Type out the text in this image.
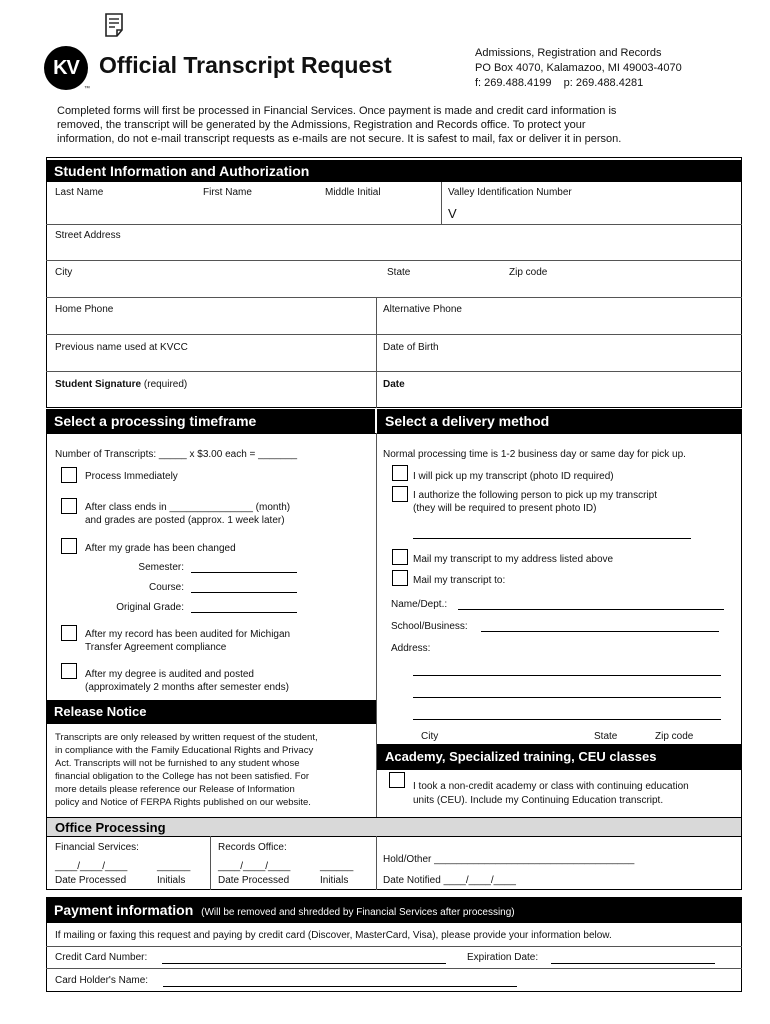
KV
™
Official Transcript Request	Admissions, Registration and Records
PO Box 4070, Kalamazoo, MI 49003-4070
f: 269.488.4199    p: 269.488.4281
Completed forms will first be processed in Financial Services. Once payment is made and credit card information is
removed, the transcript will be generated by the Admissions, Registration and Records office. To protect your
information, do not e-mail transcript requests as e-mails are not secure. It is safest to mail, fax or deliver it in person.
Student Information and Authorization
Last Name	First Name	Middle Initial	Valley Identification Number
V
Street Address
City	State	Zip code
Home Phone	Alternative Phone
Previous name used at KVCC	Date of Birth
Student Signature (required)	Date
Select a processing timeframe	Select a delivery method
Number of Transcripts: _____ x $3.00 each = _______
Process Immediately
After class ends in _______________ (month)
and grades are posted (approx. 1 week later)
After my grade has been changed
Semester:
Course:
Original Grade:
After my record has been audited for Michigan
Transfer Agreement compliance
After my degree is audited and posted
(approximately 2 months after semester ends)
Release Notice
Transcripts are only released by written request of the student,
in compliance with the Family Educational Rights and Privacy
Act. Transcripts will not be furnished to any student whose
financial obligation to the College has not been satisfied. For
more details please reference our Release of Information
policy and Notice of FERPA Rights published on our website.
Normal processing time is 1-2 business day or same day for pick up.
I will pick up my transcript (photo ID required)
I authorize the following person to pick up my transcript
(they will be required to present photo ID)
Mail my transcript to my address listed above
Mail my transcript to:
Name/Dept.:
School/Business:
Address:
City	State	Zip code
Academy, Specialized training, CEU classes
I took a non-credit academy or class with continuing education
units (CEU). Include my Continuing Education transcript.
Office Processing
Financial Services:
____/____/____	______
Date Processed	Initials
Records Office:
____/____/____	______
Date Processed	Initials
Hold/Other ____________________________________
Date Notified ____/____/____
Payment information (Will be removed and shredded by Financial Services after processing)
If mailing or faxing this request and paying by credit card (Discover, MasterCard, Visa), please provide your information below.
Credit Card Number:	Expiration Date:
Card Holder's Name:
